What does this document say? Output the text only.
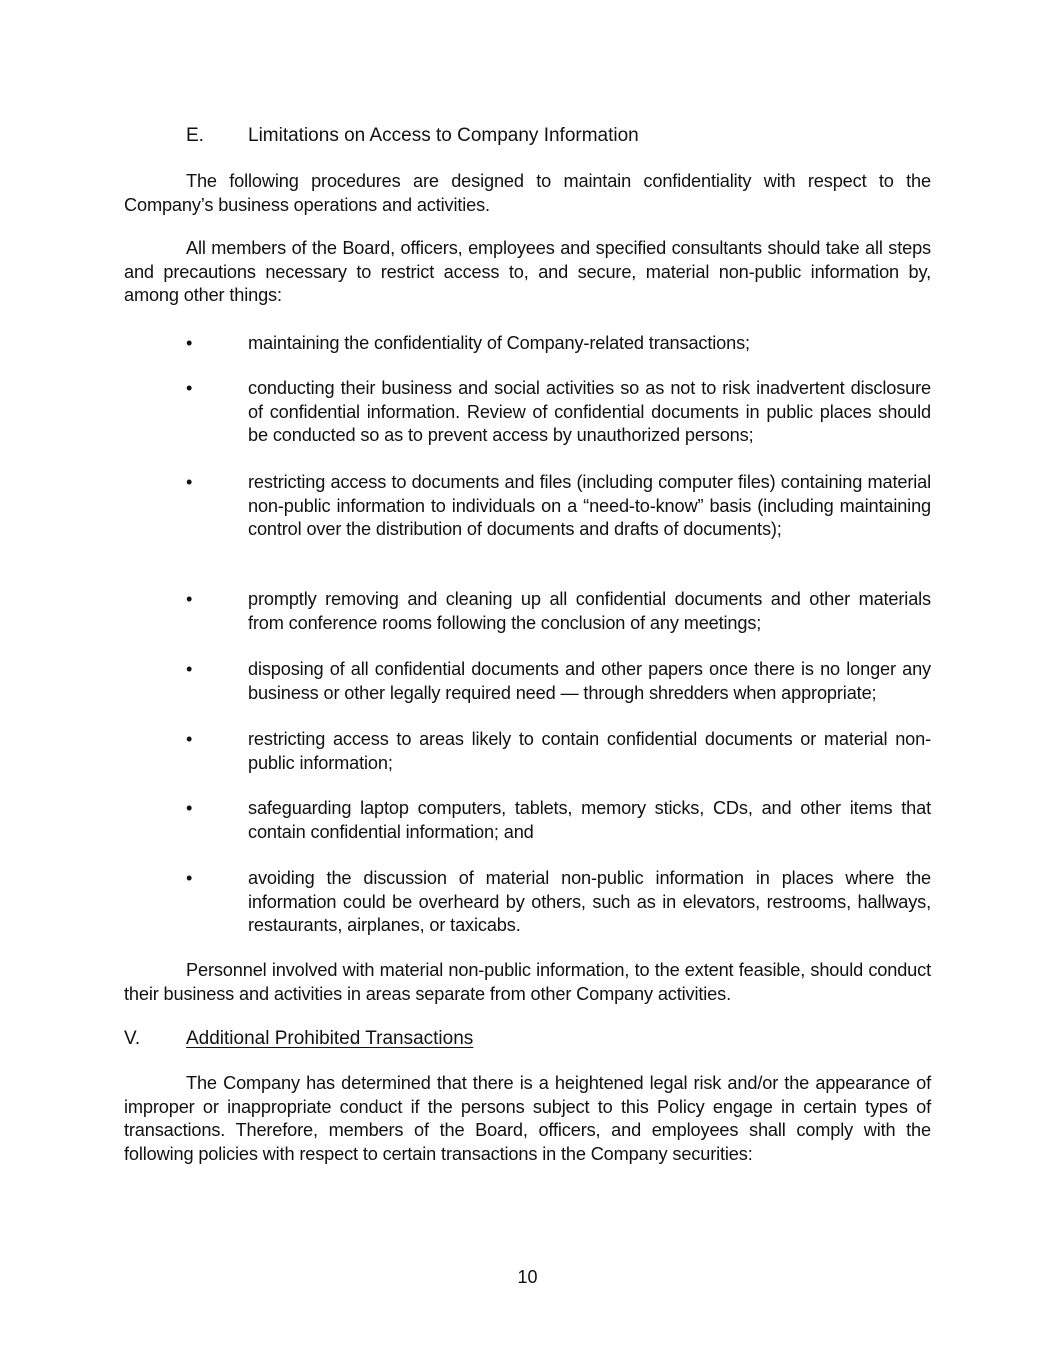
E. Limitations on Access to Company Information

The following procedures are designed to maintain confidentiality with respect to the Company’s business operations and activities.

All members of the Board, officers, employees and specified consultants should take all steps and precautions necessary to restrict access to, and secure, material non-public information by, among other things:

•	maintaining the confidentiality of Company-related transactions;
•	conducting their business and social activities so as not to risk inadvertent disclosure of confidential information. Review of confidential documents in public places should be conducted so as to prevent access by unauthorized persons;
•	restricting access to documents and files (including computer files) containing material non-public information to individuals on a “need-to-know” basis (including maintaining control over the distribution of documents and drafts of documents);
•	promptly removing and cleaning up all confidential documents and other materials from conference rooms following the conclusion of any meetings;
•	disposing of all confidential documents and other papers once there is no longer any business or other legally required need — through shredders when appropriate;
•	restricting access to areas likely to contain confidential documents or material non-public information;
•	safeguarding laptop computers, tablets, memory sticks, CDs, and other items that contain confidential information; and
•	avoiding the discussion of material non-public information in places where the information could be overheard by others, such as in elevators, restrooms, hallways, restaurants, airplanes, or taxicabs.

Personnel involved with material non-public information, to the extent feasible, should conduct their business and activities in areas separate from other Company activities.

V. Additional Prohibited Transactions

The Company has determined that there is a heightened legal risk and/or the appearance of improper or inappropriate conduct if the persons subject to this Policy engage in certain types of transactions. Therefore, members of the Board, officers, and employees shall comply with the following policies with respect to certain transactions in the Company securities:

10
